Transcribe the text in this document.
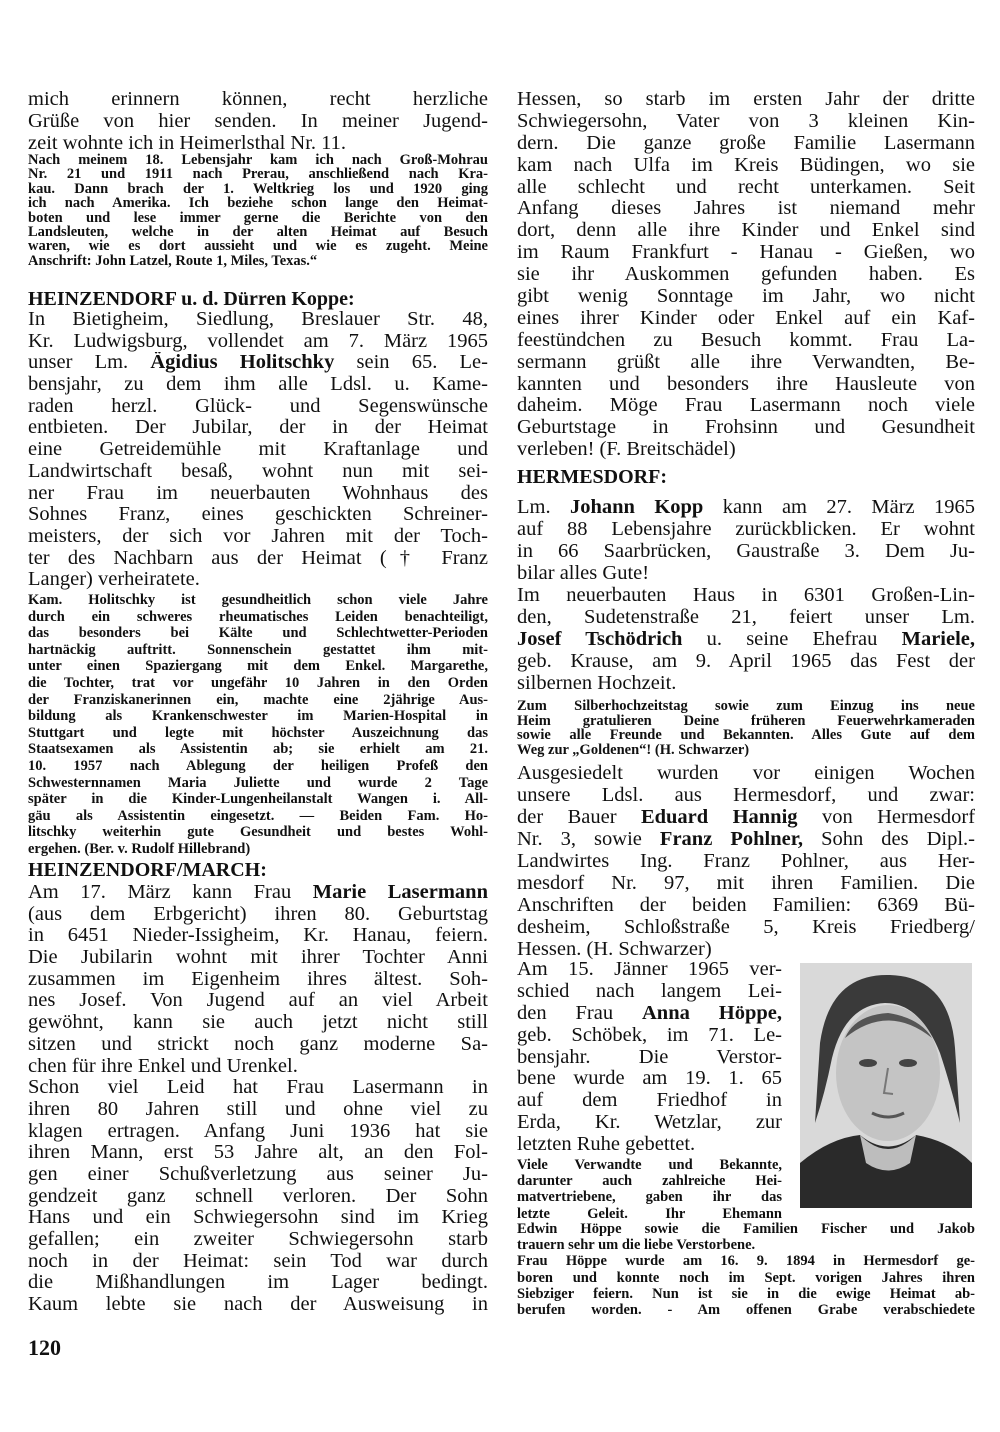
mich erinnern können, recht herzliche
Grüße von hier senden. In meiner Jugend-
zeit wohnte ich in Heimerlsthal Nr. 11.
Nach meinem 18. Lebensjahr kam ich nach Groß-Mohrau
Nr. 21 und 1911 nach Prerau, anschließend nach Kra-
kau. Dann brach der 1. Weltkrieg los und 1920 ging
ich nach Amerika. Ich beziehe schon lange den Heimat-
boten und lese immer gerne die Berichte von den
Landsleuten, welche in der alten Heimat auf Besuch
waren, wie es dort aussieht und wie es zugeht. Meine
Anschrift: John Latzel, Route 1, Miles, Texas.“
HEINZENDORF u. d. Dürren Koppe:
In Bietigheim, Siedlung, Breslauer Str. 48,
Kr. Ludwigsburg, vollendet am 7. März 1965
unser Lm. Ägidius Holitschky sein 65. Le-
bensjahr, zu dem ihm alle Ldsl. u. Kame-
raden herzl. Glück- und Segenswünsche
entbieten. Der Jubilar, der in der Heimat
eine Getreidemühle mit Kraftanlage und
Landwirtschaft besaß, wohnt nun mit sei-
ner Frau im neuerbauten Wohnhaus des
Sohnes Franz, eines geschickten Schreiner-
meisters, der sich vor Jahren mit der Toch-
ter des Nachbarn aus der Heimat († Franz
Langer) verheiratete.
Kam. Holitschky ist gesundheitlich schon viele Jahre
durch ein schweres rheumatisches Leiden benachteiligt,
das besonders bei Kälte und Schlechtwetter-Perioden
hartnäckig auftritt. Sonnenschein gestattet ihm mit-
unter einen Spaziergang mit dem Enkel. Margarethe,
die Tochter, trat vor ungefähr 10 Jahren in den Orden
der Franziskanerinnen ein, machte eine 2jährige Aus-
bildung als Krankenschwester im Marien-Hospital in
Stuttgart und legte mit höchster Auszeichnung das
Staatsexamen als Assistentin ab; sie erhielt am 21.
10. 1957 nach Ablegung der heiligen Profeß den
Schwesternnamen Maria Juliette und wurde 2 Tage
später in die Kinder-Lungenheilanstalt Wangen i. All-
gäu als Assistentin eingesetzt. — Beiden Fam. Ho-
litschky weiterhin gute Gesundheit und bestes Wohl-
ergehen. (Ber. v. Rudolf Hillebrand)
HEINZENDORF/MARCH:
Am 17. März kann Frau Marie Lasermann
(aus dem Erbgericht) ihren 80. Geburtstag
in 6451 Nieder-Issigheim, Kr. Hanau, feiern.
Die Jubilarin wohnt mit ihrer Tochter Anni
zusammen im Eigenheim ihres ältest. Soh-
nes Josef. Von Jugend auf an viel Arbeit
gewöhnt, kann sie auch jetzt nicht still
sitzen und strickt noch ganz moderne Sa-
chen für ihre Enkel und Urenkel.
Schon viel Leid hat Frau Lasermann in
ihren 80 Jahren still und ohne viel zu
klagen ertragen. Anfang Juni 1936 hat sie
ihren Mann, erst 53 Jahre alt, an den Fol-
gen einer Schußverletzung aus seiner Ju-
gendzeit ganz schnell verloren. Der Sohn
Hans und ein Schwiegersohn sind im Krieg
gefallen; ein zweiter Schwiegersohn starb
noch in der Heimat: sein Tod war durch
die Mißhandlungen im Lager bedingt.
Kaum lebte sie nach der Ausweisung in
120
Hessen, so starb im ersten Jahr der dritte
Schwiegersohn, Vater von 3 kleinen Kin-
dern. Die ganze große Familie Lasermann
kam nach Ulfa im Kreis Büdingen, wo sie
alle schlecht und recht unterkamen. Seit
Anfang dieses Jahres ist niemand mehr
dort, denn alle ihre Kinder und Enkel sind
im Raum Frankfurt - Hanau - Gießen, wo
sie ihr Auskommen gefunden haben. Es
gibt wenig Sonntage im Jahr, wo nicht
eines ihrer Kinder oder Enkel auf ein Kaf-
feestündchen zu Besuch kommt. Frau La-
sermann grüßt alle ihre Verwandten, Be-
kannten und besonders ihre Hausleute von
daheim. Möge Frau Lasermann noch viele
Geburtstage in Frohsinn und Gesundheit
verleben! (F. Breitschädel)
HERMESDORF:
Lm. Johann Kopp kann am 27. März 1965
auf 88 Lebensjahre zurückblicken. Er wohnt
in 66 Saarbrücken, Gaustraße 3. Dem Ju-
bilar alles Gute!
Im neuerbauten Haus in 6301 Großen-Lin-
den, Sudetenstraße 21, feiert unser Lm.
Josef Tschödrich u. seine Ehefrau Mariele,
geb. Krause, am 9. April 1965 das Fest der
silbernen Hochzeit.
Zum Silberhochzeitstag sowie zum Einzug ins neue
Heim gratulieren Deine früheren Feuerwehrkameraden
sowie alle Freunde und Bekannten. Alles Gute auf dem
Weg zur „Goldenen“! (H. Schwarzer)
Ausgesiedelt wurden vor einigen Wochen
unsere Ldsl. aus Hermesdorf, und zwar:
der Bauer Eduard Hannig von Hermesdorf
Nr. 3, sowie Franz Pohlner, Sohn des Dipl.-
Landwirtes Ing. Franz Pohlner, aus Her-
mesdorf Nr. 97, mit ihren Familien. Die
Anschriften der beiden Familien: 6369 Bü-
desheim, Schloßstraße 5, Kreis Friedberg/
Hessen. (H. Schwarzer)
Am 15. Jänner 1965 ver-
schied nach langem Lei-
den Frau Anna Höppe,
geb. Schöbek, im 71. Le-
bensjahr. Die Verstor-
bene wurde am 19. 1. 65
auf dem Friedhof in
Erda, Kr. Wetzlar, zur
letzten Ruhe gebettet.
Viele Verwandte und Bekannte,
darunter auch zahlreiche Hei-
matvertriebene, gaben ihr das
letzte Geleit. Ihr Ehemann
Edwin Höppe sowie die Familien Fischer und Jakob
trauern sehr um die liebe Verstorbene.
Frau Höppe wurde am 16. 9. 1894 in Hermesdorf ge-
boren und konnte noch im Sept. vorigen Jahres ihren
Siebziger feiern. Nun ist sie in die ewige Heimat ab-
berufen worden. - Am offenen Grabe verabschiedete
